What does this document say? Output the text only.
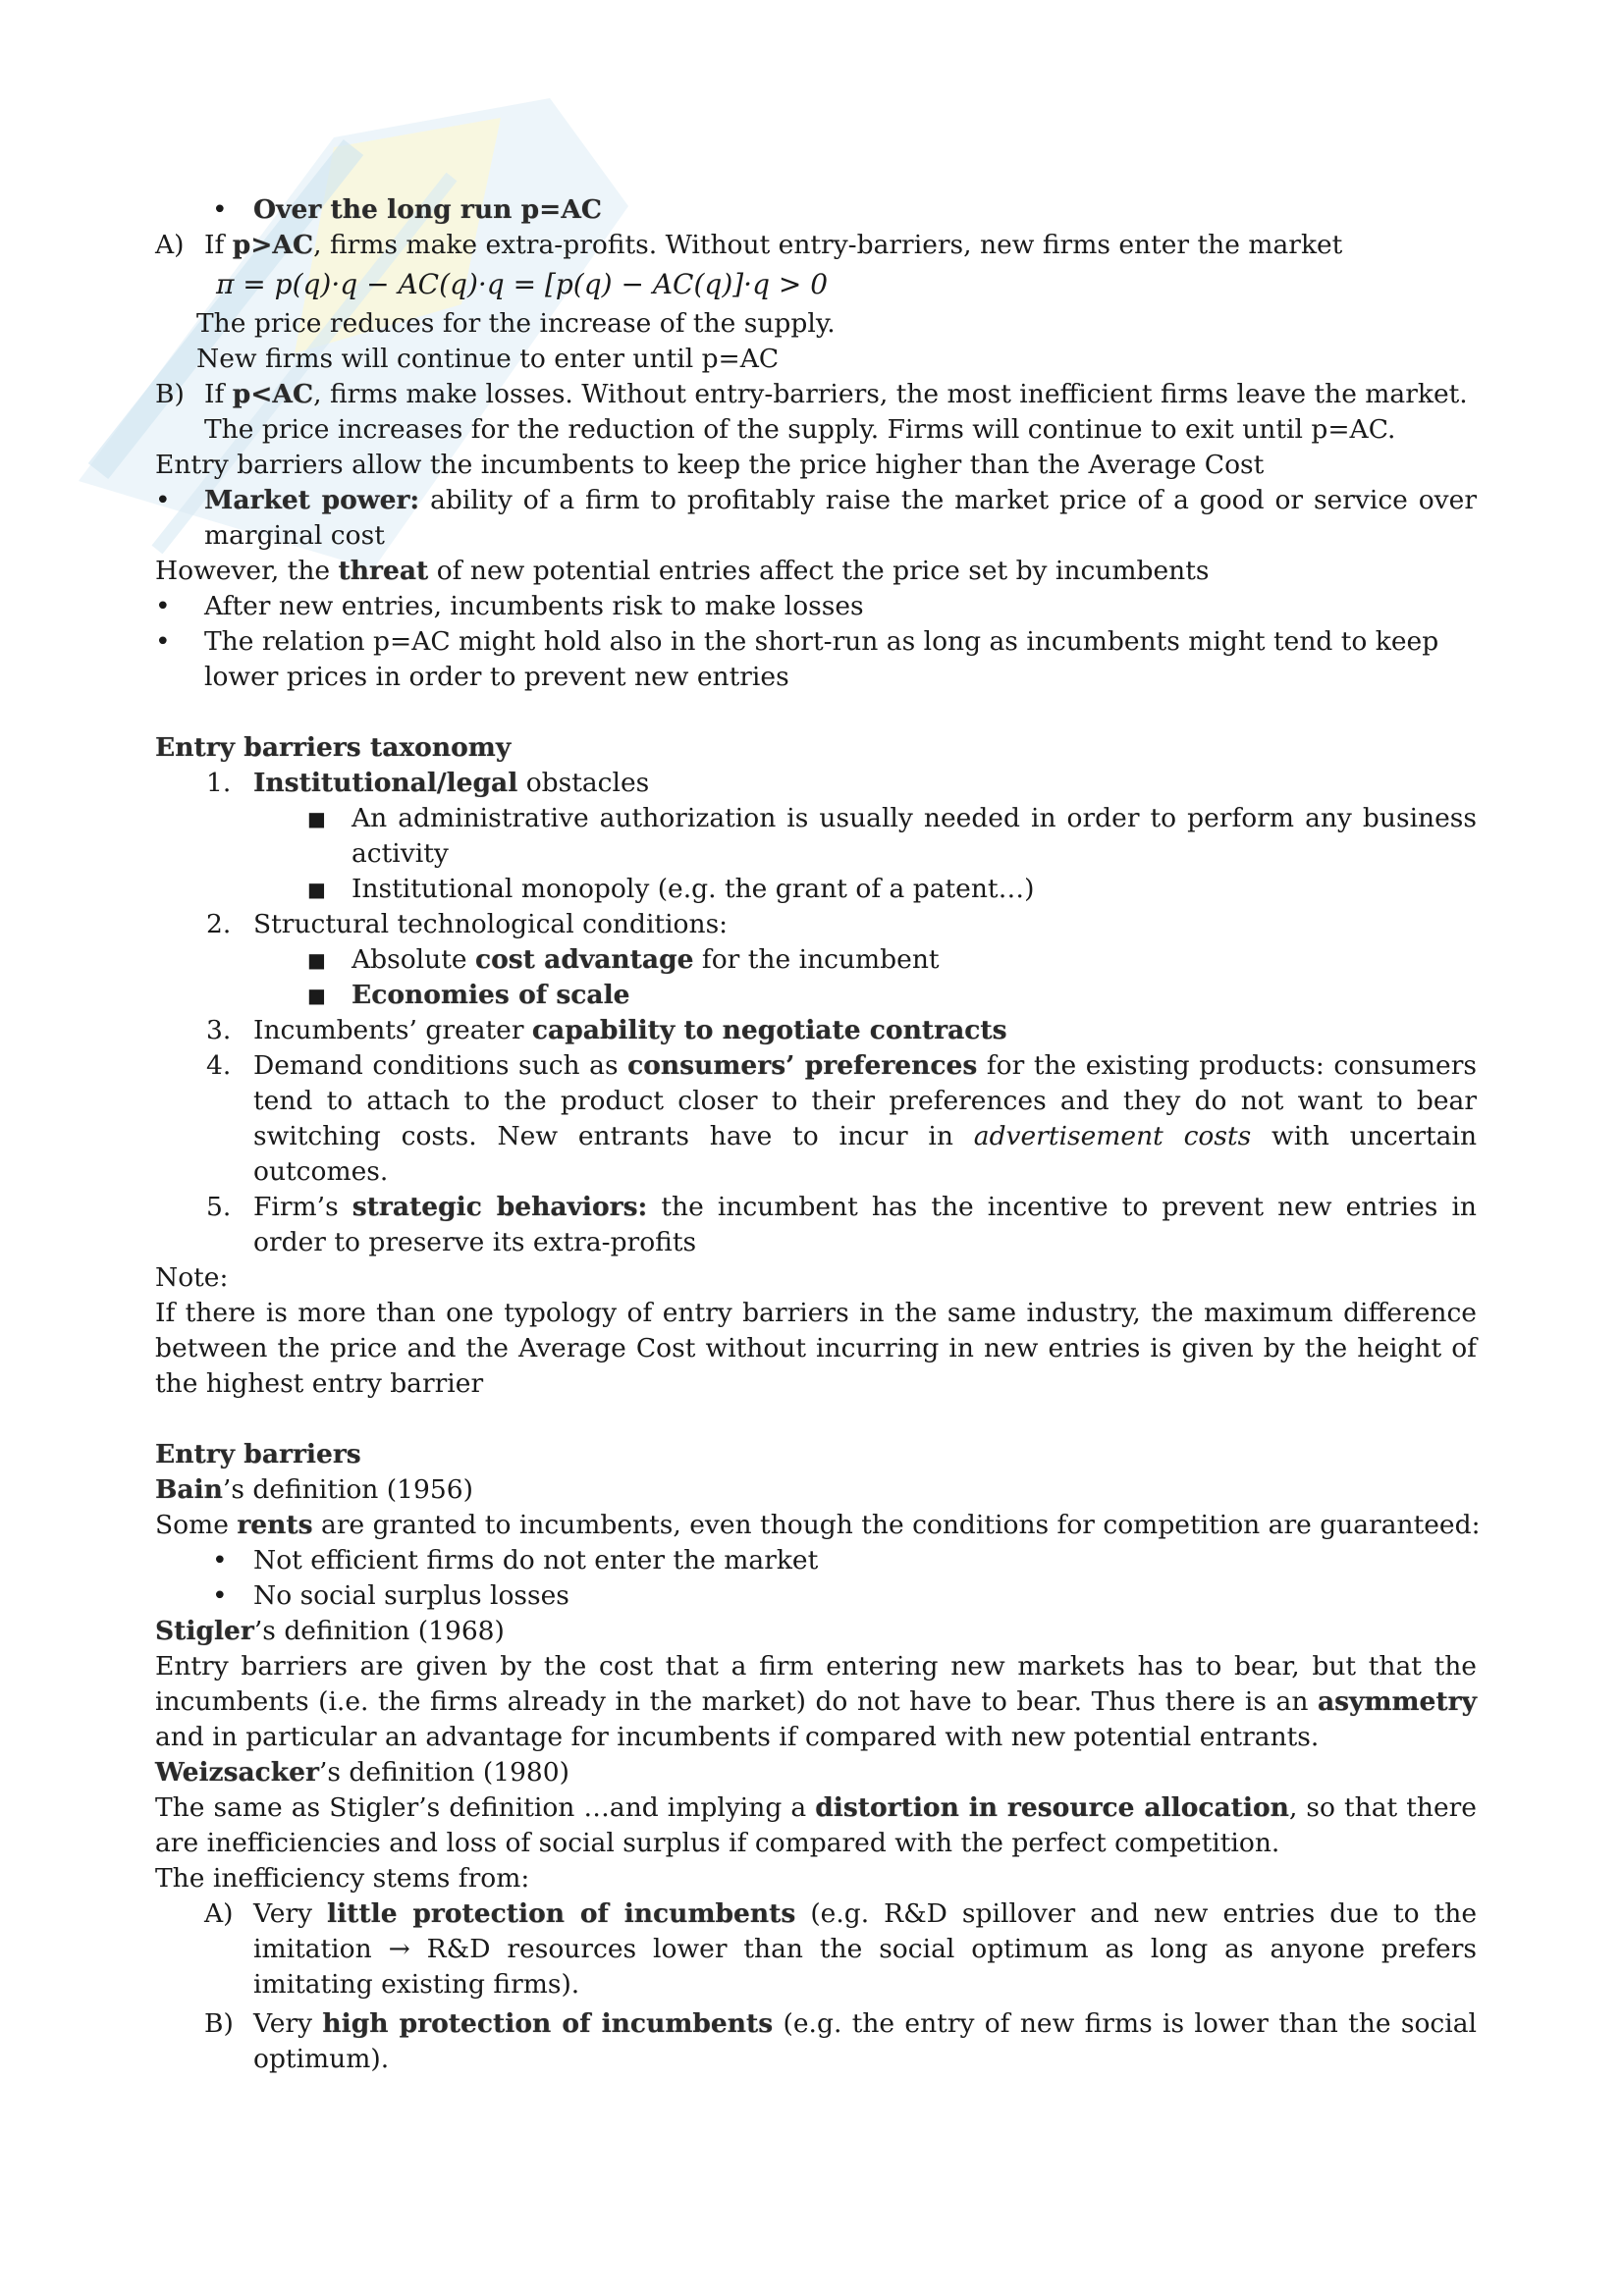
• Over the long run p=AC
A) If p>AC, firms make extra-profits. Without entry-barriers, new firms enter the market
π = p(q)·q − AC(q)·q = [p(q) − AC(q)]·q > 0
The price reduces for the increase of the supply.
New firms will continue to enter until p=AC
B) If p<AC, firms make losses. Without entry-barriers, the most inefficient firms leave the market.
The price increases for the reduction of the supply. Firms will continue to exit until p=AC.
Entry barriers allow the incumbents to keep the price higher than the Average Cost
• Market power: ability of a firm to profitably raise the market price of a good or service over marginal cost
However, the threat of new potential entries affect the price set by incumbents
• After new entries, incumbents risk to make losses
• The relation p=AC might hold also in the short-run as long as incumbents might tend to keep lower prices in order to prevent new entries
Entry barriers taxonomy
1. Institutional/legal obstacles
■ An administrative authorization is usually needed in order to perform any business activity
■ Institutional monopoly (e.g. the grant of a patent…)
2. Structural technological conditions:
■ Absolute cost advantage for the incumbent
■ Economies of scale
3. Incumbents’ greater capability to negotiate contracts
4. Demand conditions such as consumers’ preferences for the existing products: consumers tend to attach to the product closer to their preferences and they do not want to bear switching costs. New entrants have to incur in advertisement costs with uncertain outcomes.
5. Firm’s strategic behaviors: the incumbent has the incentive to prevent new entries in order to preserve its extra-profits
Note:
If there is more than one typology of entry barriers in the same industry, the maximum difference between the price and the Average Cost without incurring in new entries is given by the height of the highest entry barrier
Entry barriers
Bain’s definition (1956)
Some rents are granted to incumbents, even though the conditions for competition are guaranteed:
• Not efficient firms do not enter the market
• No social surplus losses
Stigler’s definition (1968)
Entry barriers are given by the cost that a firm entering new markets has to bear, but that the incumbents (i.e. the firms already in the market) do not have to bear. Thus there is an asymmetry and in particular an advantage for incumbents if compared with new potential entrants.
Weizsacker’s definition (1980)
The same as Stigler’s definition …and implying a distortion in resource allocation, so that there are inefficiencies and loss of social surplus if compared with the perfect competition.
The inefficiency stems from:
A) Very little protection of incumbents (e.g. R&D spillover and new entries due to the imitation → R&D resources lower than the social optimum as long as anyone prefers imitating existing firms).
B) Very high protection of incumbents (e.g. the entry of new firms is lower than the social optimum).
